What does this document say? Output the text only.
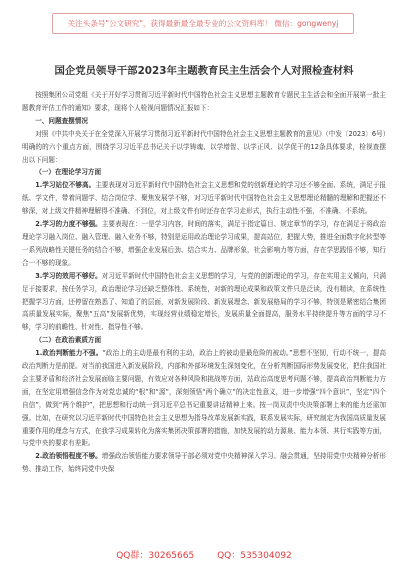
关注头条号"公文研究"，获得最新最全最专业的公文资料库！ 微信：gongwenyj
国企党员领导干部2023年主题教育民主生活会个人对照检查材料

按照集团公司党组《关于开好学习贯彻习近平新时代中国特色社会主义思想主题教育专题民主生活会和全面开展第一批主题教育评估工作的通知》要求，现将个人检视问题情况汇报如下：

一、问题查摆情况

对照《中共中央关于在全党深入开展学习贯彻习近平新时代中国特色社会主义思想主题教育的意见》（中发〔2023〕6号）明确的的六个重点方面，围绕学习习近平总书记关于以学铸魂、以学增智、以学正风、以学促干的12条具体要求，检视查摆出以下问题：

（一）在理论学习方面

1.学习站位不够高。主要表现对习近平新时代中国特色社会主义思想和党的创新理论的学习还不够全面、系统，满足于报纸、学文件，带着问题学、结合岗位学、聚焦发展学不够，对习近平新时代中国特色社会主义思想理论精髓的理解和把握还不够深，对上级文件精神理解得不准确、不到位，对上级文件有时还存在学习走形式，执行主动性不强，不准确、不系统。

2.学习的力度不够强。主要表现在：一是学习内容，时间的落实，满足于指定篇目、规定章节的学习，存在满足于将政治理论学习融入岗位、融入管理、融入业务不够，特别是运用政治理论学习成果，提高站位，把握大势，推进全面数字化转型等一系列战略性关键任务的结合不够，增强企业发展后劲、结合实力、品牌形象，社会影响力等方面，存在学思践悟不够，知行合一不够的现象。

3.学习的效用不够好。对习近平新时代中国特色社会主义思想的学习，与党的创新理论的学习，存在实用主义倾向，只满足于接要求，按任务学习，政治理论学习还缺乏整体性、系统性，对新的理论成果和政策文件只是泛读，没有精读，在系统性把握学习方面，还停留在熟悉了、知道了的层面，对新发展阶段、新发展理念、新发展格局的学习不够，特别是紧密结合集团高质量发展实际，聚焦“五高”发展新优势，实现经营业绩稳定增长，发展质量全面提高，服务水平持续提升等方面的学习不够，学习的前瞻性、针对性、指导性不够。

（二）在政治素质方面

1.政治判断能力不强。“政治上的主动是最有利的主动，政治上的被动是最危险的被动。”思想不坚韧，行动不统一，提高政治判断力是前提。对当前我国进入新发展阶段，内部和外部环境发生深刻变化，在分析判断国际形势发展变化，把住我国社会主要矛盾和经济社会发展面临主要问题，有效应对各种风险和挑战等方面，站政治高度思考问题不够，提高政治判断能力方面，在坚定用增强信念作为对党忠诚的“根”和“源”，深刻领悟“两个确立”的决定性意义，进一步增强“四个意识”，坚定“四个自信”，做到“两个维护”，把思想和行动统一到习近平总书记重要讲话精神上来。按一岗双责中央决策部署上来的能力还需加强。比如，在研究以习近平新时代中国特色社会主义思想为指导改革发展新实践，联系发展实际，研究制定为我国高质量发展重要作用的理念与方式，在我学习成果转化为落实集团决策部署的措施，加快发展的动力源泉、能力本领、其行实践等方面，与党中央的要求有差距。

2.政治领悟程度不够。增强政治领悟能力要求领导干部必须对党中央精神深入学习、融会贯通，坚持用党中央精神分析形势、推动工作，始终同党中央保

QQ群：30265665	QQ：535304092
